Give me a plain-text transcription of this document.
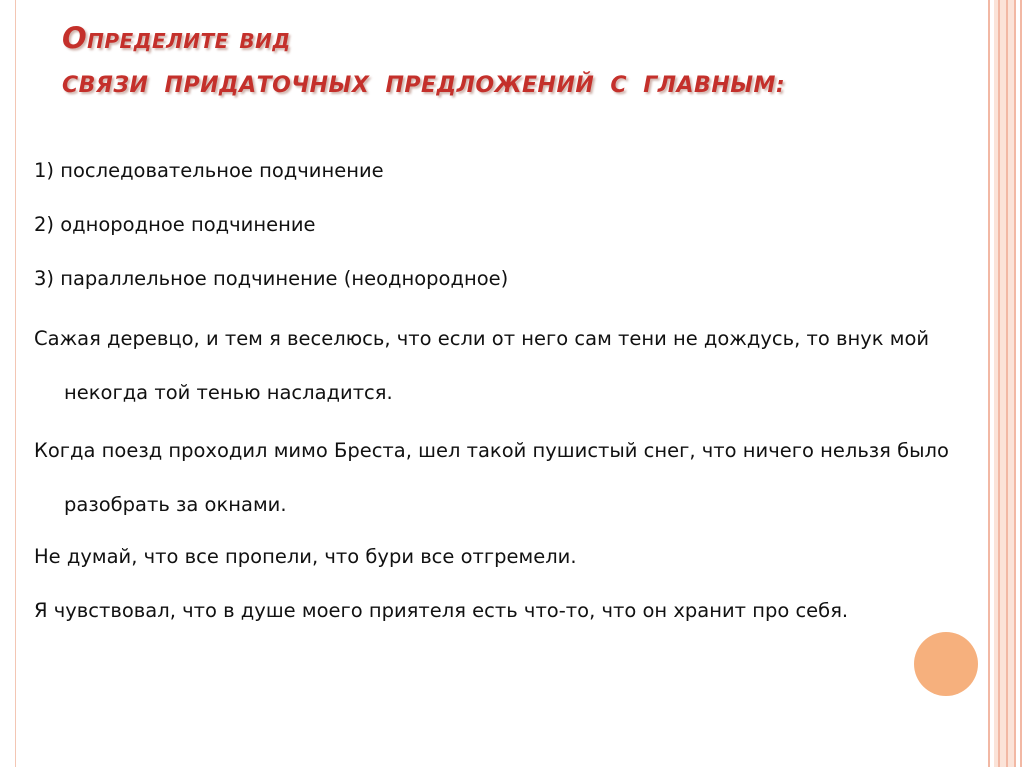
Определите вид
СВЯЗИ ПРИДАТОЧНЫХ ПРЕДЛОЖЕНИЙ С ГЛАВНЫМ:
1) последовательное подчинение
2) однородное подчинение
3) параллельное подчинение (неоднородное)
Сажая деревцо, и тем я веселюсь, что если от него сам тени не дождусь, то внук мой некогда той тенью насладится.
Когда поезд проходил мимо Бреста, шел такой пушистый снег, что ничего нельзя было разобрать за окнами.
Не думай, что все пропели, что бури все отгремели.
Я чувствовал, что в душе моего приятеля есть что-то, что он хранит про себя.
